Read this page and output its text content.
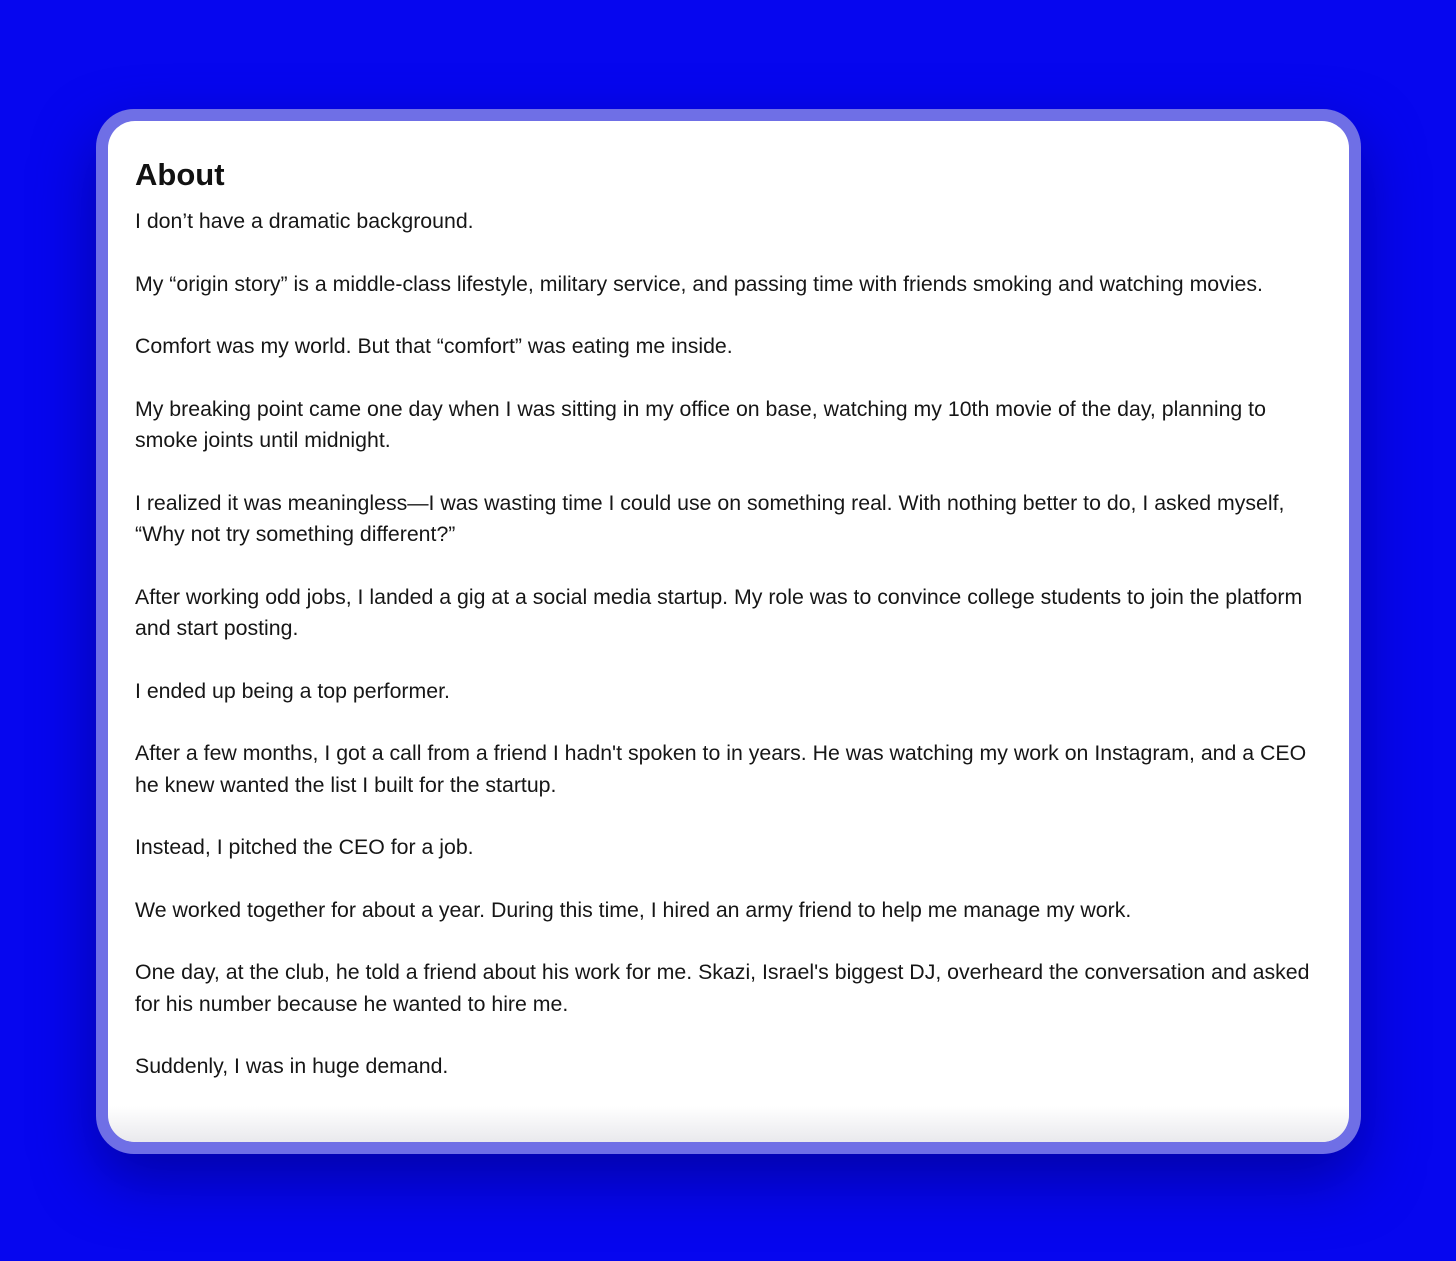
About

I don’t have a dramatic background.

My “origin story” is a middle-class lifestyle, military service, and passing time with friends smoking and watching movies.

Comfort was my world. But that “comfort” was eating me inside.

My breaking point came one day when I was sitting in my office on base, watching my 10th movie of the day, planning to smoke joints until midnight.

I realized it was meaningless—I was wasting time I could use on something real. With nothing better to do, I asked myself, “Why not try something different?”

After working odd jobs, I landed a gig at a social media startup. My role was to convince college students to join the platform and start posting.

I ended up being a top performer.

After a few months, I got a call from a friend I hadn't spoken to in years. He was watching my work on Instagram, and a CEO he knew wanted the list I built for the startup.

Instead, I pitched the CEO for a job.

We worked together for about a year. During this time, I hired an army friend to help me manage my work.

One day, at the club, he told a friend about his work for me. Skazi, Israel's biggest DJ, overheard the conversation and asked for his number because he wanted to hire me.

Suddenly, I was in huge demand.
